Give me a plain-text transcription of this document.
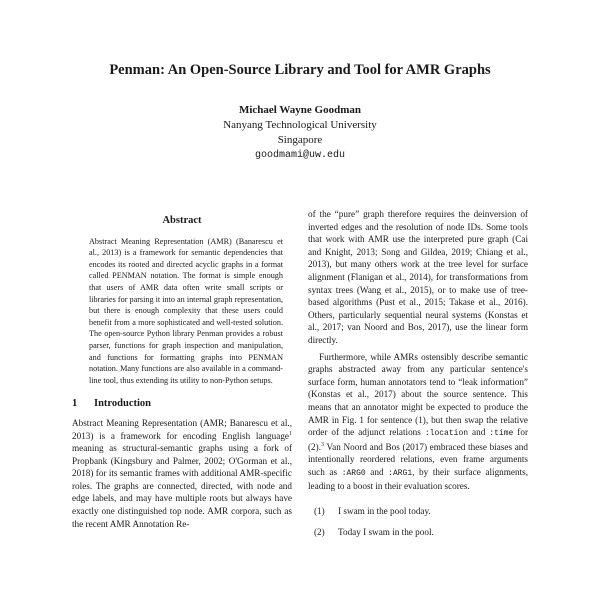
Penman: An Open-Source Library and Tool for AMR Graphs
Michael Wayne Goodman
Nanyang Technological University
Singapore
goodmami@uw.edu
Abstract

Abstract Meaning Representation (AMR) (Banarescu et al., 2013) is a framework for semantic dependencies that encodes its rooted and directed acyclic graphs in a format called PENMAN notation. The format is simple enough that users of AMR data often write small scripts or libraries for parsing it into an internal graph representation, but there is enough complexity that these users could benefit from a more sophisticated and well-tested solution. The open-source Python library Penman provides a robust parser, functions for graph inspection and manipulation, and functions for formatting graphs into PENMAN notation. Many functions are also available in a command-line tool, thus extending its utility to non-Python setups.

1 Introduction

Abstract Meaning Representation (AMR; Banarescu et al., 2013) is a framework for encoding English language$^1$ meaning as structural-semantic graphs using a fork of Propbank (Kingsbury and Palmer, 2002; O'Gorman et al., 2018) for its semantic frames with additional AMR-specific roles. The graphs are connected, directed, with node and edge labels, and may have multiple roots but always have exactly one distinguished top node. AMR corpora, such as the recent AMR Annotation Re-

of the “pure” graph therefore requires the deinversion of inverted edges and the resolution of node IDs. Some tools that work with AMR use the interpreted pure graph (Cai and Knight, 2013; Song and Gildea, 2019; Chiang et al., 2013), but many others work at the tree level for surface alignment (Flanigan et al., 2014), for transformations from syntax trees (Wang et al., 2015), or to make use of tree-based algorithms (Pust et al., 2015; Takase et al., 2016). Others, particularly sequential neural systems (Konstas et al., 2017; van Noord and Bos, 2017), use the linear form directly.

Furthermore, while AMRs ostensibly describe semantic graphs abstracted away from any particular sentence's surface form, human annotators tend to “leak information” (Konstas et al., 2017) about the source sentence. This means that an annotator might be expected to produce the AMR in Fig. 1 for sentence (1), but then swap the relative order of the adjunct relations :location and :time for (2).$^3$ Van Noord and Bos (2017) embraced these biases and intentionally reordered relations, even frame arguments such as :ARG0 and :ARG1, by their surface alignments, leading to a boost in their evaluation scores.

(1)	I swam in the pool today.
(2)	Today I swam in the pool.
